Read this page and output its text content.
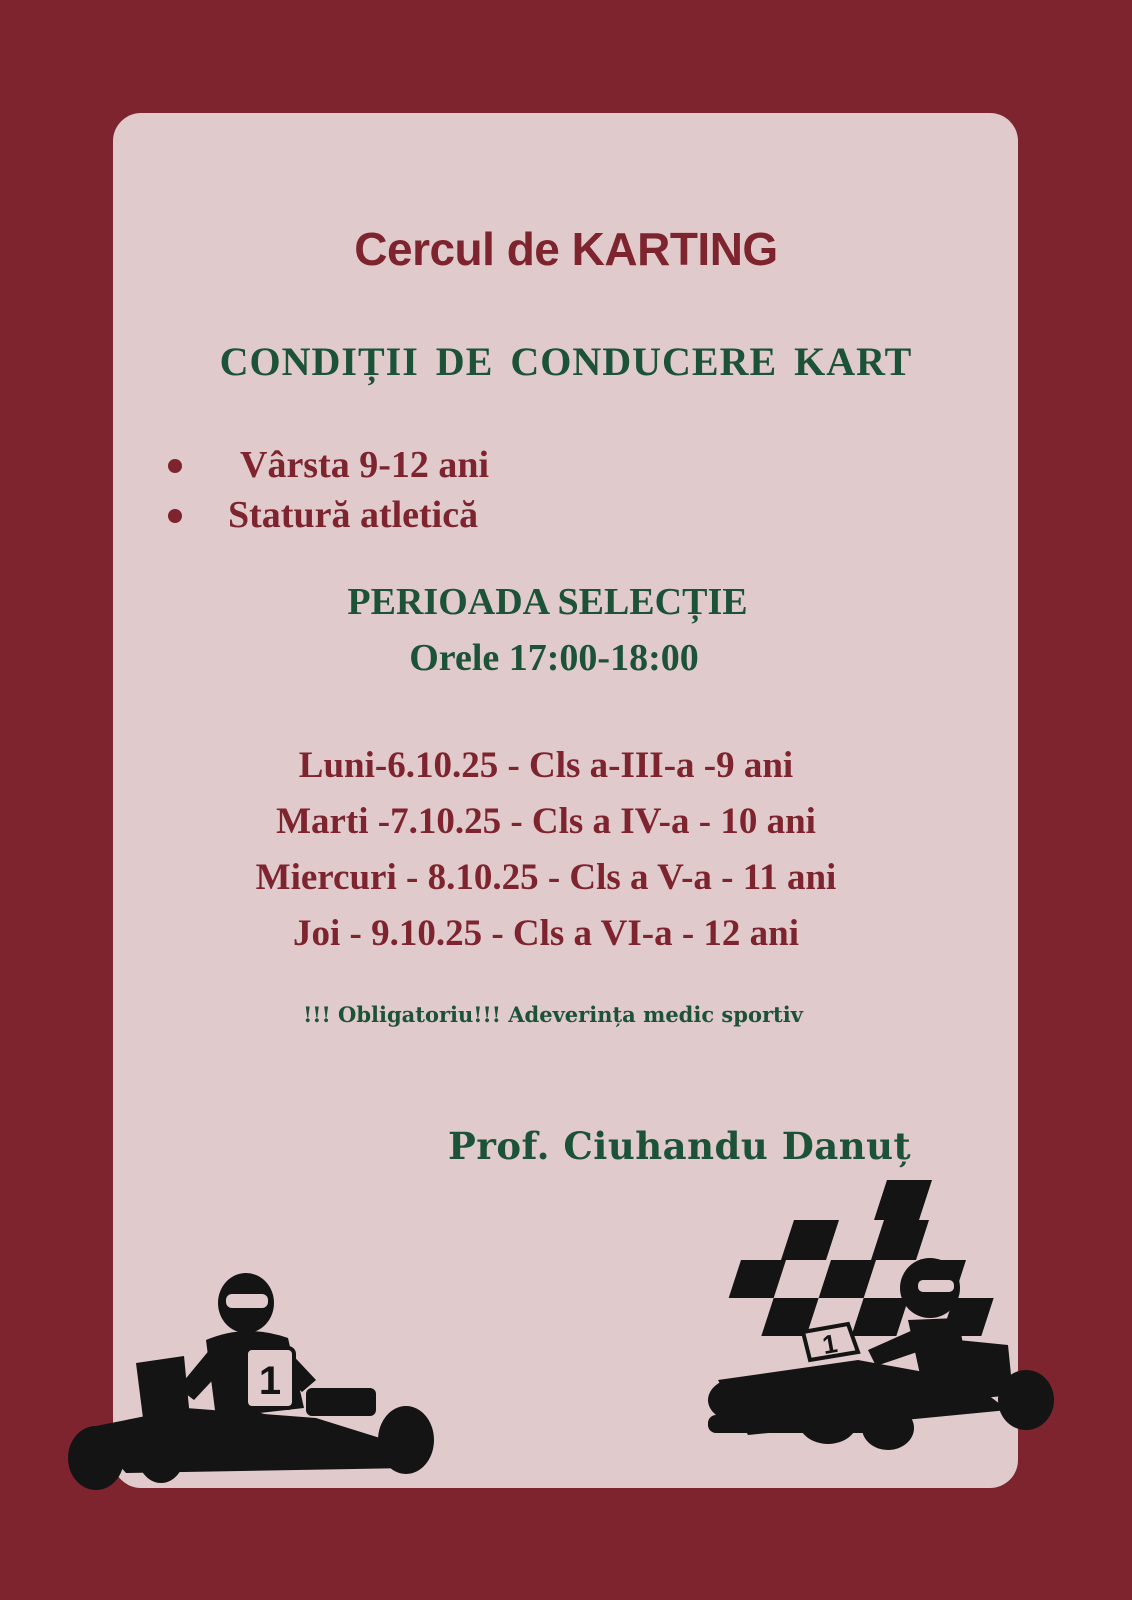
Cercul de KARTING
CONDIȚII DE CONDUCERE KART
Vârsta 9-12 ani
Statură atletică
PERIOADA SELECȚIE
Orele 17:00-18:00
Luni-6.10.25 - Cls a-III-a -9 ani
Marti -7.10.25 - Cls a IV-a - 10 ani
Miercuri - 8.10.25 - Cls a V-a - 11 ani
Joi - 9.10.25 - Cls a VI-a - 12 ani
!!! Obligatoriu!!! Adeverința medic sportiv
Prof. Ciuhandu Danuț
1
1
